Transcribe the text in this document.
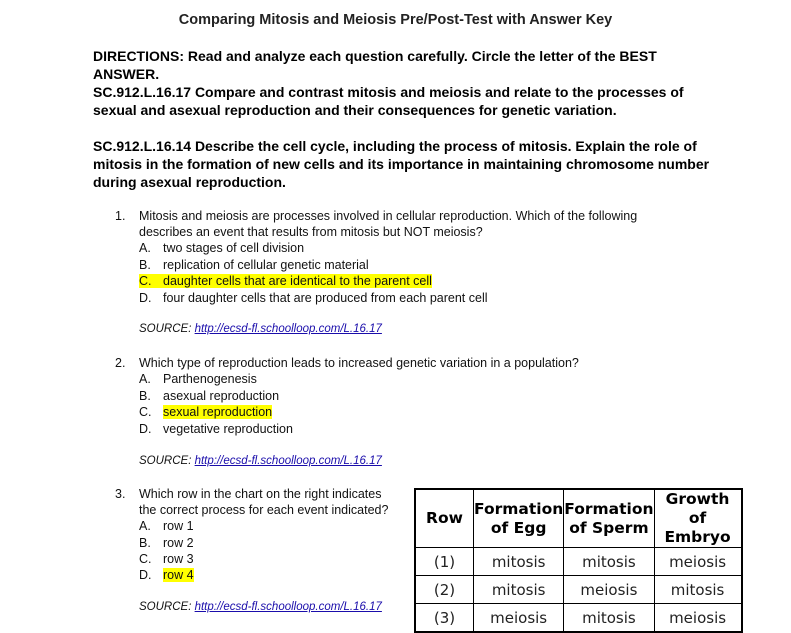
Comparing Mitosis and Meiosis Pre/Post-Test with Answer Key
DIRECTIONS: Read and analyze each question carefully. Circle the letter of the BEST ANSWER.
SC.912.L.16.17 Compare and contrast mitosis and meiosis and relate to the processes of sexual and asexual reproduction and their consequences for genetic variation.
SC.912.L.16.14 Describe the cell cycle, including the process of mitosis. Explain the role of mitosis in the formation of new cells and its importance in maintaining chromosome number during asexual reproduction.
1. Mitosis and meiosis are processes involved in cellular reproduction. Which of the following describes an event that results from mitosis but NOT meiosis?
A. two stages of cell division
B. replication of cellular genetic material
C. daughter cells that are identical to the parent cell
D. four daughter cells that are produced from each parent cell
SOURCE: http://ecsd-fl.schoolloop.com/L.16.17
2. Which type of reproduction leads to increased genetic variation in a population?
A. Parthenogenesis
B. asexual reproduction
C. sexual reproduction
D. vegetative reproduction
SOURCE: http://ecsd-fl.schoolloop.com/L.16.17
3. Which row in the chart on the right indicates the correct process for each event indicated?
A. row 1
B. row 2
C. row 3
D. row 4
SOURCE: http://ecsd-fl.schoolloop.com/L.16.17
Row	Formation of Egg	Formation of Sperm	Growth of Embryo
(1)	mitosis	mitosis	meiosis
(2)	mitosis	meiosis	mitosis
(3)	meiosis	mitosis	meiosis
